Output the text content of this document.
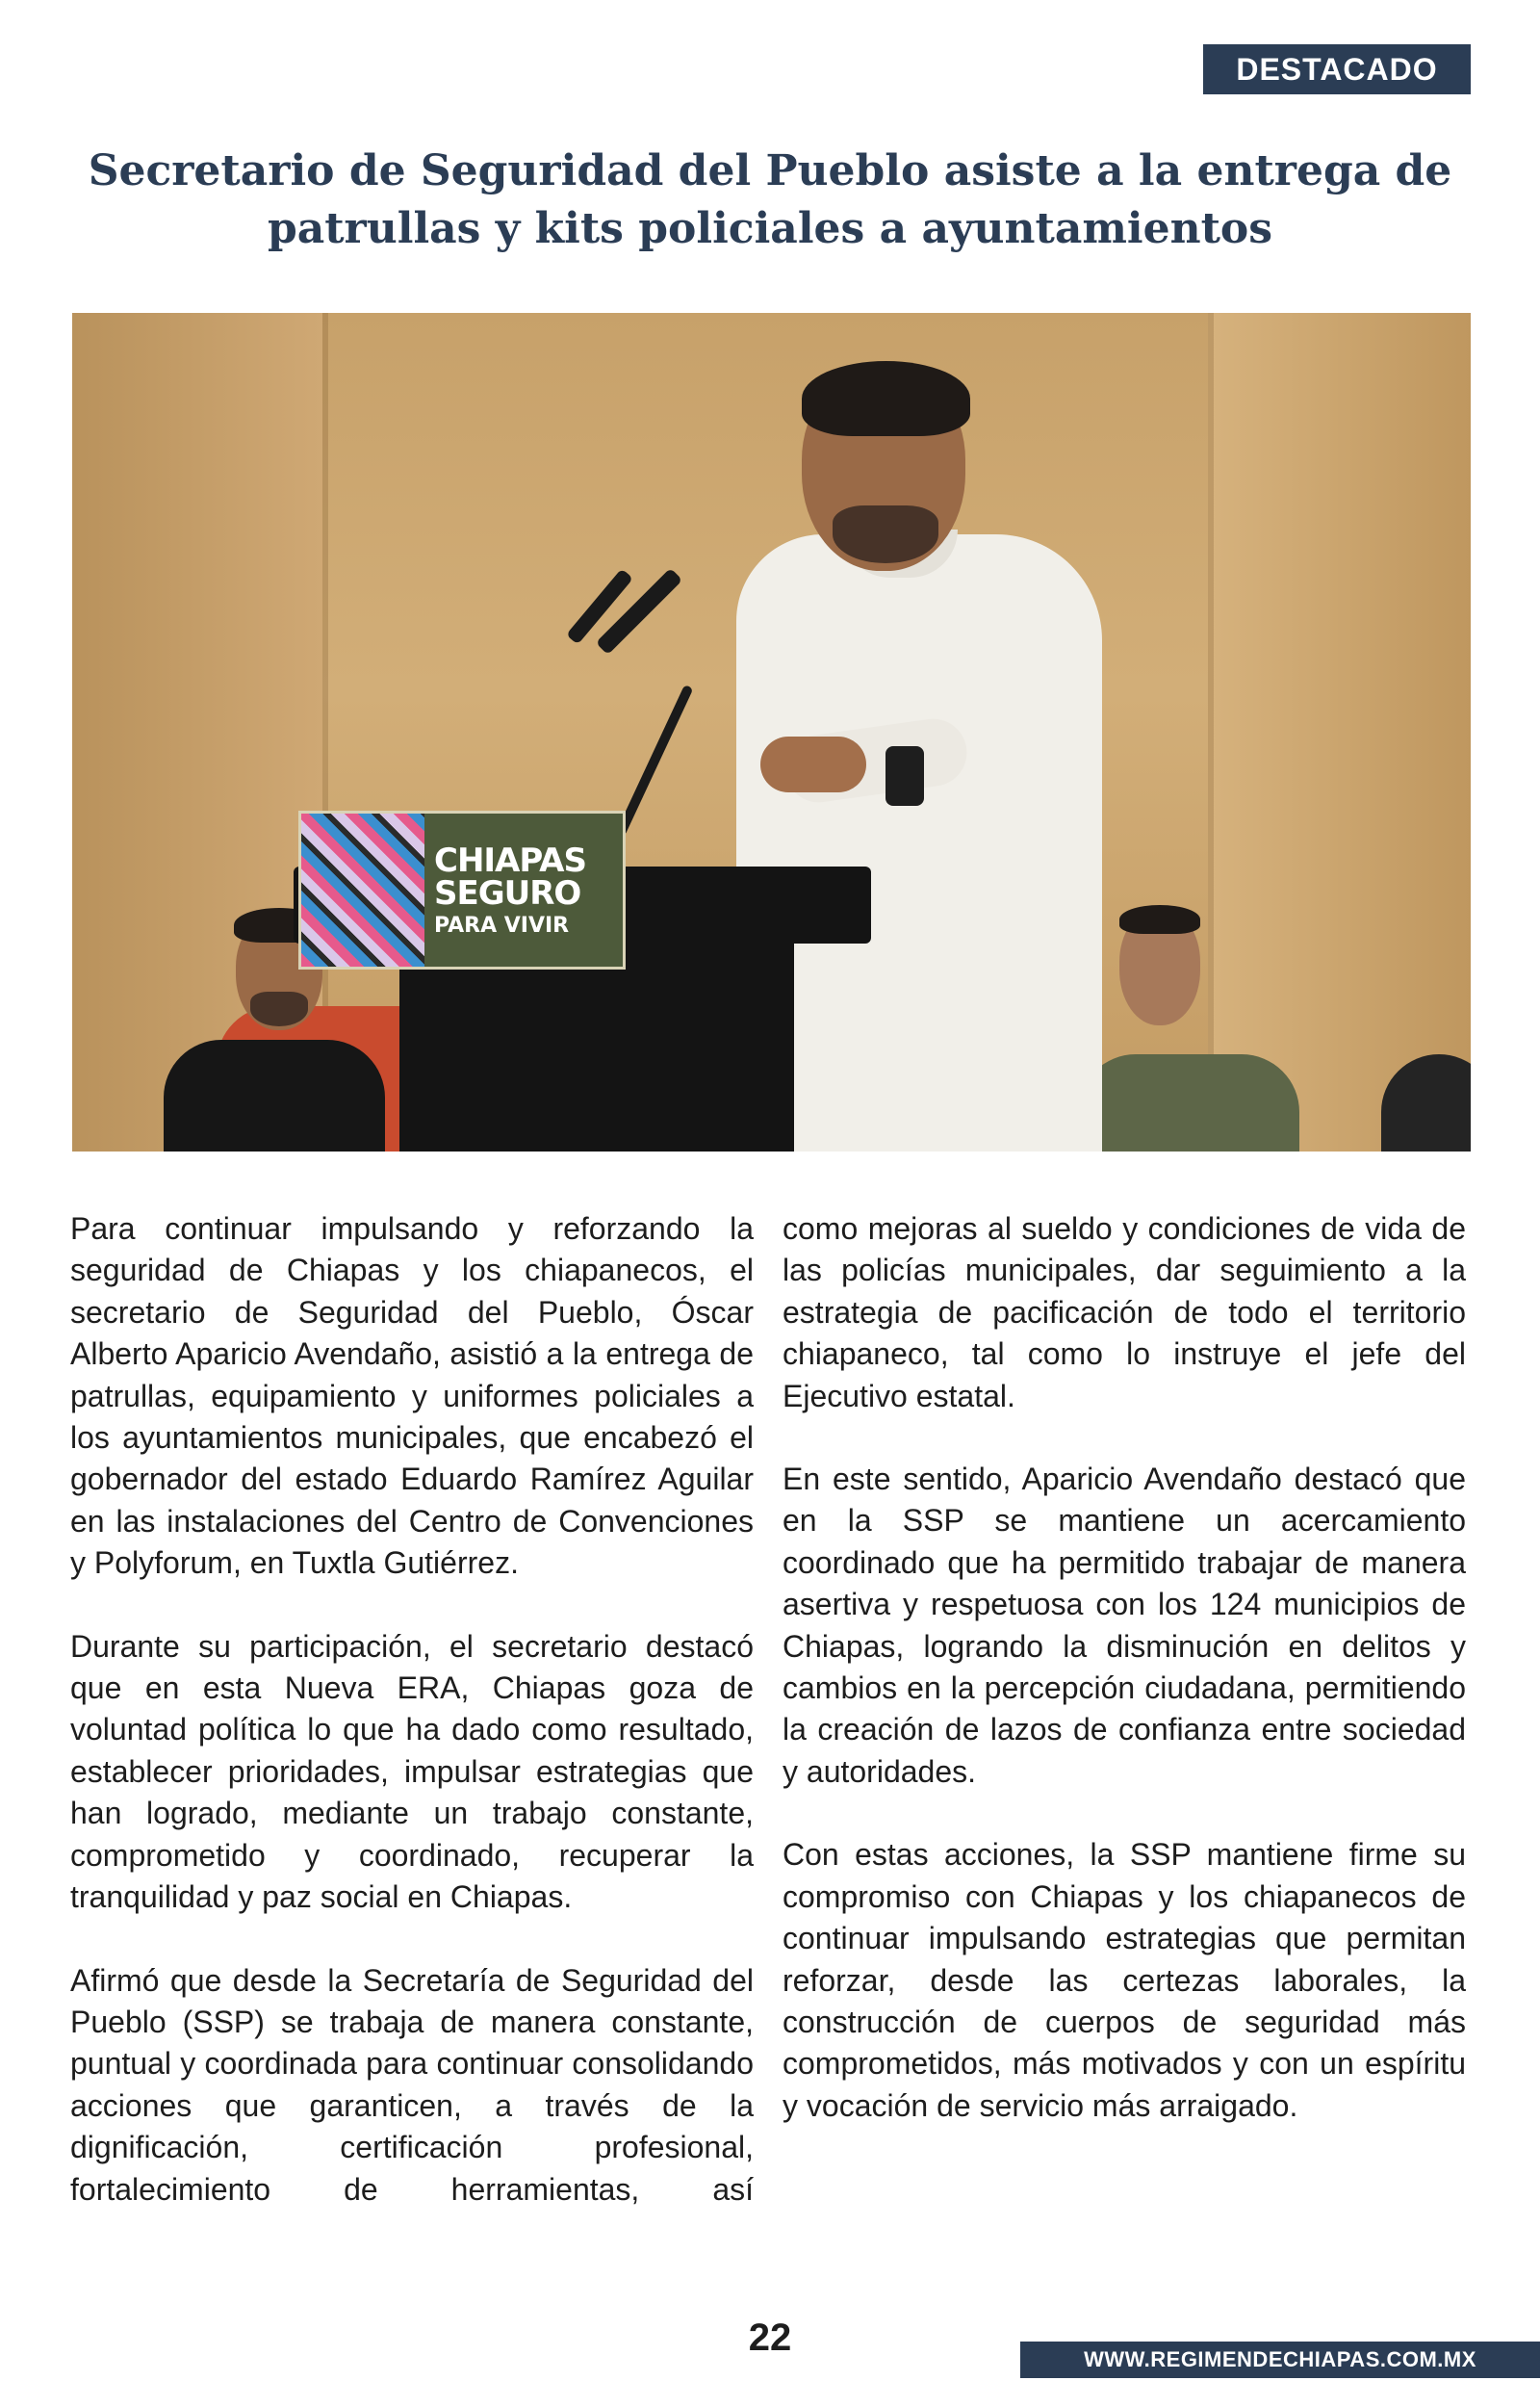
DESTACADO
Secretario de Seguridad del Pueblo asiste a la entrega de
patrullas y kits policiales a ayuntamientos
CHIAPAS
SEGURO
PARA VIVIR

Para continuar impulsando y reforzando la seguridad de Chiapas y los chiapanecos, el secretario de Seguridad del Pueblo, Óscar Alberto Aparicio Avendaño, asistió a la entrega de patrullas, equipamiento y uniformes policiales a los ayuntamientos municipales, que encabezó el gobernador del estado Eduardo Ramírez Aguilar en las instalaciones del Centro de Convenciones y Polyforum, en Tuxtla Gutiérrez.

Durante su participación, el secretario destacó que en esta Nueva ERA, Chiapas goza de voluntad política lo que ha dado como resultado, establecer prioridades, impulsar estrategias que han logrado, mediante un trabajo constante, comprometido y coordinado, recuperar la tranquilidad y paz social en Chiapas.

Afirmó que desde la Secretaría de Seguridad del Pueblo (SSP) se trabaja de manera constante, puntual y coordinada para continuar consolidando acciones que garanticen, a través de la dignificación, certificación profesional, fortalecimiento de herramientas, así

como mejoras al sueldo y condiciones de vida de las policías municipales, dar seguimiento a la estrategia de pacificación de todo el territorio chiapaneco, tal como lo instruye el jefe del Ejecutivo estatal.

En este sentido, Aparicio Avendaño destacó que en la SSP se mantiene un acercamiento coordinado que ha permitido trabajar de manera asertiva y respetuosa con los 124 municipios de Chiapas, logrando la disminución en delitos y cambios en la percepción ciudadana, permitiendo la creación de lazos de confianza entre sociedad y autoridades.

Con estas acciones, la SSP mantiene firme su compromiso con Chiapas y los chiapanecos de continuar impulsando estrategias que permitan reforzar, desde las certezas laborales, la construcción de cuerpos de seguridad más comprometidos, más motivados y con un espíritu y vocación de servicio más arraigado.

22
WWW.REGIMENDECHIAPAS.COM.MX
